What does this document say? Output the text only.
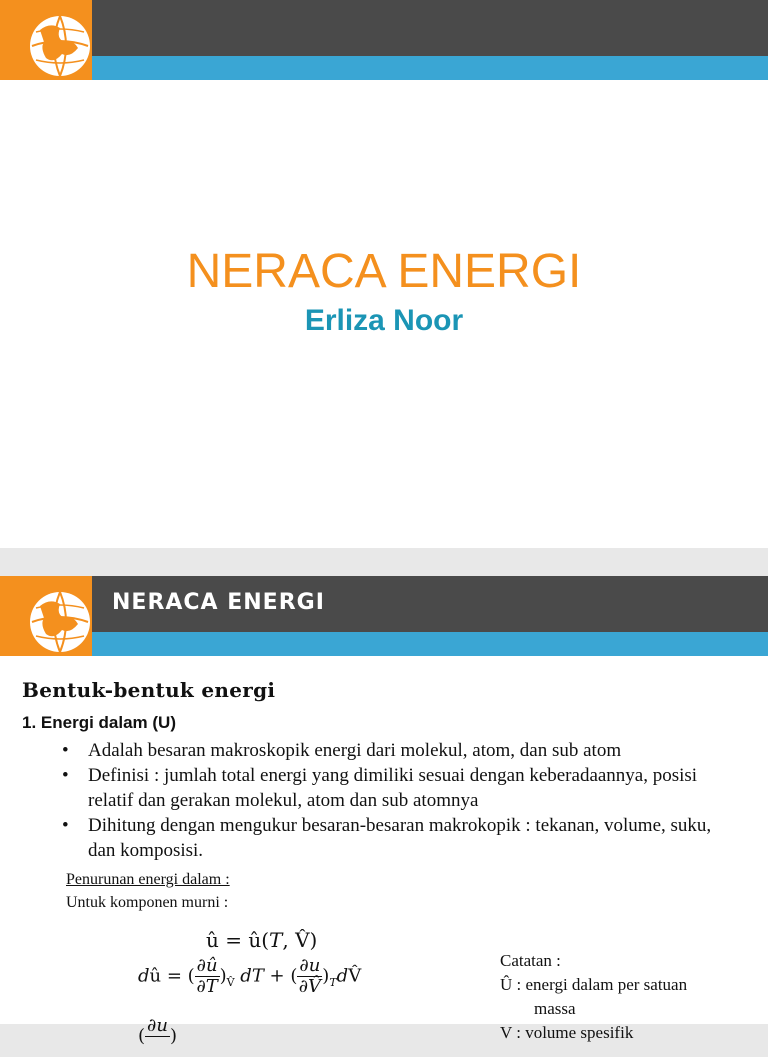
NERACA ENERGI
Erliza Noor
NERACA ENERGI
Bentuk-bentuk energi
1. Energi dalam (U)
• Adalah besaran makroskopik energi dari molekul, atom, dan sub atom
• Definisi : jumlah total energi yang dimiliki sesuai dengan keberadaannya, posisi relatif dan gerakan molekul, atom dan sub atomnya
• Dihitung dengan mengukur besaran-besaran makrokopik : tekanan, volume, suku, dan komposisi.
Penurunan energi dalam :
Untuk komponen murni :
û = û(T, V̂)
dû = ( $\frac{\partial û}{\partial T} )_{V̂}$ dT + ( $\frac{\partial u}{\partial V̂}$ )$_TdV̂$
( ∂u
)
Catatan :
Û : energi dalam per satuan
massa
V : volume spesifik
